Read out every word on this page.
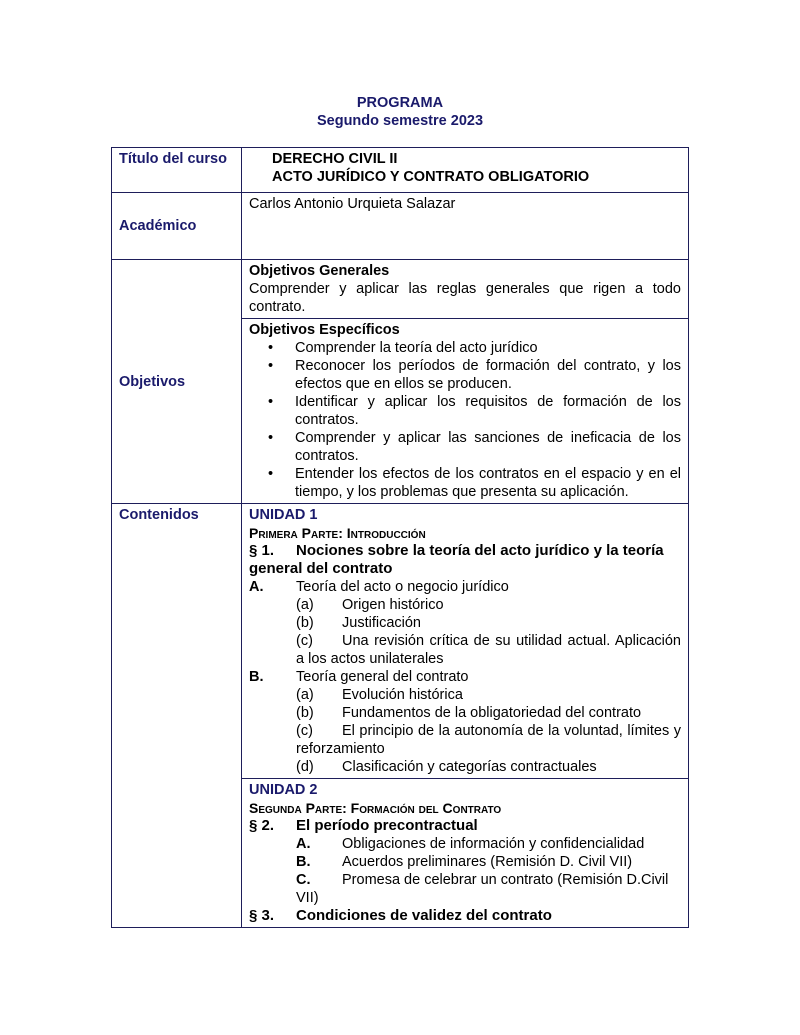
PROGRAMA
Segundo semestre 2023
Título del curso	DERECHO CIVIL II
ACTO JURÍDICO Y CONTRATO OBLIGATORIO

Académico	Carlos Antonio Urquieta Salazar
Objetivos	Objetivos Generales
Comprender y aplicar las reglas generales que rigen a todo contrato.

Objetivos Específicos
• Comprender la teoría del acto jurídico
• Reconocer los períodos de formación del contrato, y los efectos que en ellos se producen.
• Identificar y aplicar los requisitos de formación de los contratos.
• Comprender y aplicar las sanciones de ineficacia de los contratos.
• Entender los efectos de los contratos en el espacio y en el tiempo, y los problemas que presenta su aplicación.

Contenidos	UNIDAD 1
Primera Parte: Introducción
§ 1. Nociones sobre la teoría del acto jurídico y la teoría general del contrato
A. Teoría del acto o negocio jurídico
(a) Origen histórico
(b) Justificación
(c) Una revisión crítica de su utilidad actual. Aplicación a los actos unilaterales
B. Teoría general del contrato
(a) Evolución histórica
(b) Fundamentos de la obligatoriedad del contrato
(c) El principio de la autonomía de la voluntad, límites y reforzamiento
(d) Clasificación y categorías contractuales

UNIDAD 2
Segunda Parte: Formación del Contrato
§ 2. El período precontractual
A. Obligaciones de información y confidencialidad
B. Acuerdos preliminares (Remisión D. Civil VII)
C. Promesa de celebrar un contrato (Remisión D.Civil VII)
§ 3. Condiciones de validez del contrato
